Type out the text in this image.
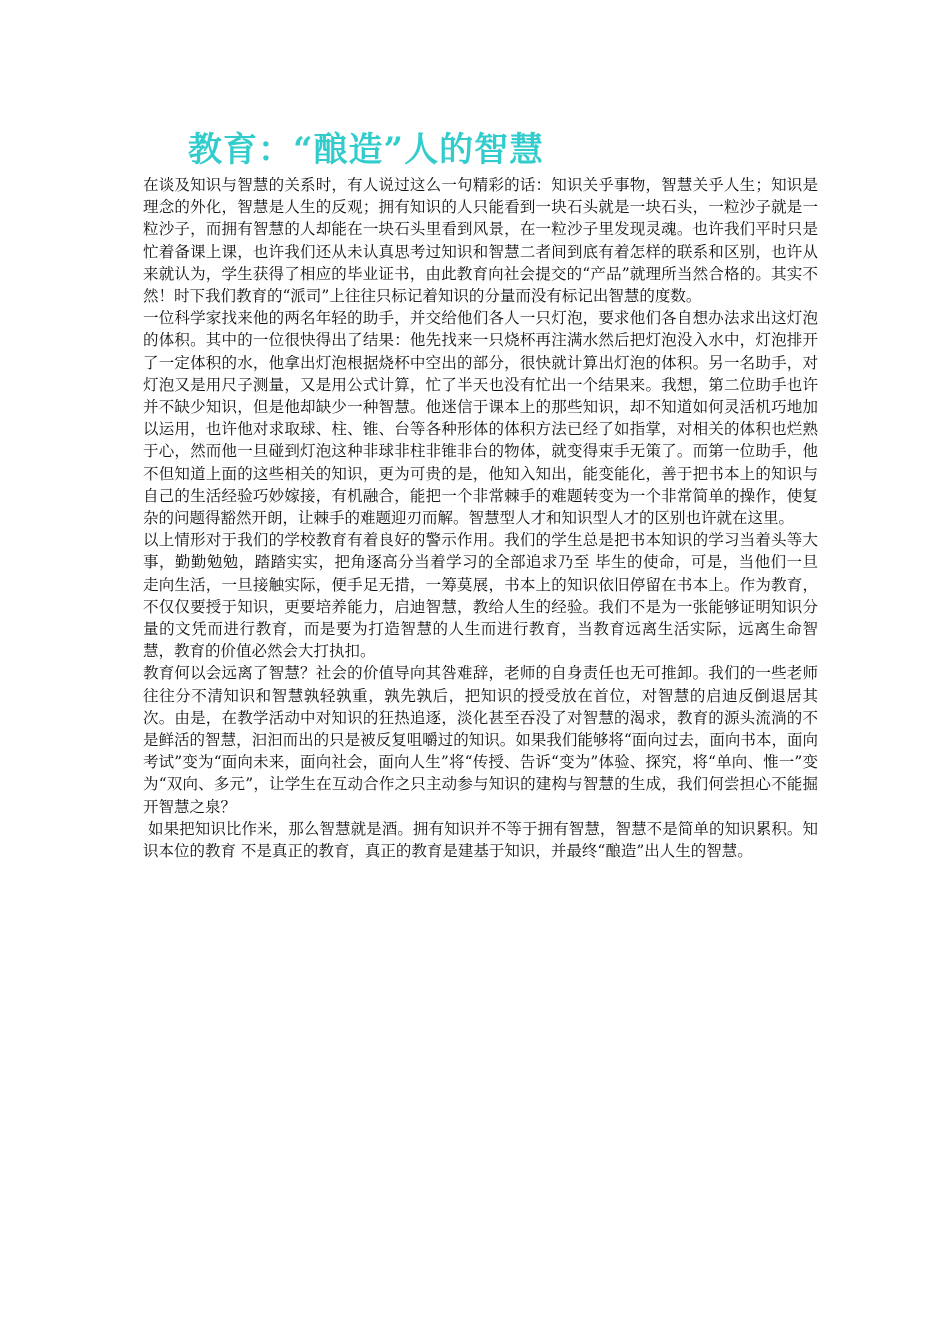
教育：“酿造”人的智慧

在谈及知识与智慧的关系时，有人说过这么一句精彩的话：知识关乎事物，智慧关乎人生；知识是理念的外化，智慧是人生的反观；拥有知识的人只能看到一块石头就是一块石头，一粒沙子就是一粒沙子，而拥有智慧的人却能在一块石头里看到风景，在一粒沙子里发现灵魂。也许我们平时只是忙着备课上课，也许我们还从未认真思考过知识和智慧二者间到底有着怎样的联系和区别，也许从来就认为，学生获得了相应的毕业证书，由此教育向社会提交的“产品”就理所当然合格的。其实不然！时下我们教育的“派司”上往往只标记着知识的分量而没有标记出智慧的度数。

一位科学家找来他的两名年轻的助手，并交给他们各人一只灯泡，要求他们各自想办法求出这灯泡的体积。其中的一位很快得出了结果：他先找来一只烧杯再注满水然后把灯泡没入水中，灯泡排开了一定体积的水，他拿出灯泡根据烧杯中空出的部分，很快就计算出灯泡的体积。另一名助手，对灯泡又是用尺子测量，又是用公式计算，忙了半天也没有忙出一个结果来。我想，第二位助手也许并不缺少知识，但是他却缺少一种智慧。他迷信于课本上的那些知识，却不知道如何灵活机巧地加以运用，也许他对求取球、柱、锥、台等各种形体的体积方法已经了如指掌，对相关的体积也烂熟于心，然而他一旦碰到灯泡这种非球非柱非锥非台的物体，就变得束手无策了。而第一位助手，他不但知道上面的这些相关的知识，更为可贵的是，他知入知出，能变能化，善于把书本上的知识与自己的生活经验巧妙嫁接，有机融合，能把一个非常棘手的难题转变为一个非常简单的操作，使复杂的问题得豁然开朗，让棘手的难题迎刃而解。智慧型人才和知识型人才的区别也许就在这里。

以上情形对于我们的学校教育有着良好的警示作用。我们的学生总是把书本知识的学习当着头等大事，勤勤勉勉，踏踏实实，把角逐高分当着学习的全部追求乃至 毕生的使命，可是，当他们一旦 走向生活，一旦接触实际，便手足无措，一筹莫展，书本上的知识依旧停留在书本上。作为教育，不仅仅要授于知识，更要培养能力，启迪智慧，教给人生的经验。我们不是为一张能够证明知识分量的文凭而进行教育，而是要为打造智慧的人生而进行教育，当教育远离生活实际，远离生命智慧，教育的价值必然会大打执扣。

教育何以会远离了智慧？社会的价值导向其咎难辞，老师的自身责任也无可推卸。我们的一些老师往往分不清知识和智慧孰轻孰重，孰先孰后，把知识的授受放在首位，对智慧的启迪反倒退居其次。由是，在教学活动中对知识的狂热追逐，淡化甚至吞没了对智慧的渴求，教育的源头流淌的不是鲜活的智慧，汩汩而出的只是被反复咀嚼过的知识。如果我们能够将“面向过去，面向书本，面向考试”变为“面向未来，面向社会，面向人生”将“传授、告诉“变为”体验、探究，将“单向、惟一”变为“双向、多元”，让学生在互动合作之只主动参与知识的建构与智慧的生成，我们何尝担心不能掘开智慧之泉？

如果把知识比作米，那么智慧就是酒。拥有知识并不等于拥有智慧，智慧不是简单的知识累积。知识本位的教育 不是真正的教育，真正的教育是建基于知识，并最终“酿造”出人生的智慧。
